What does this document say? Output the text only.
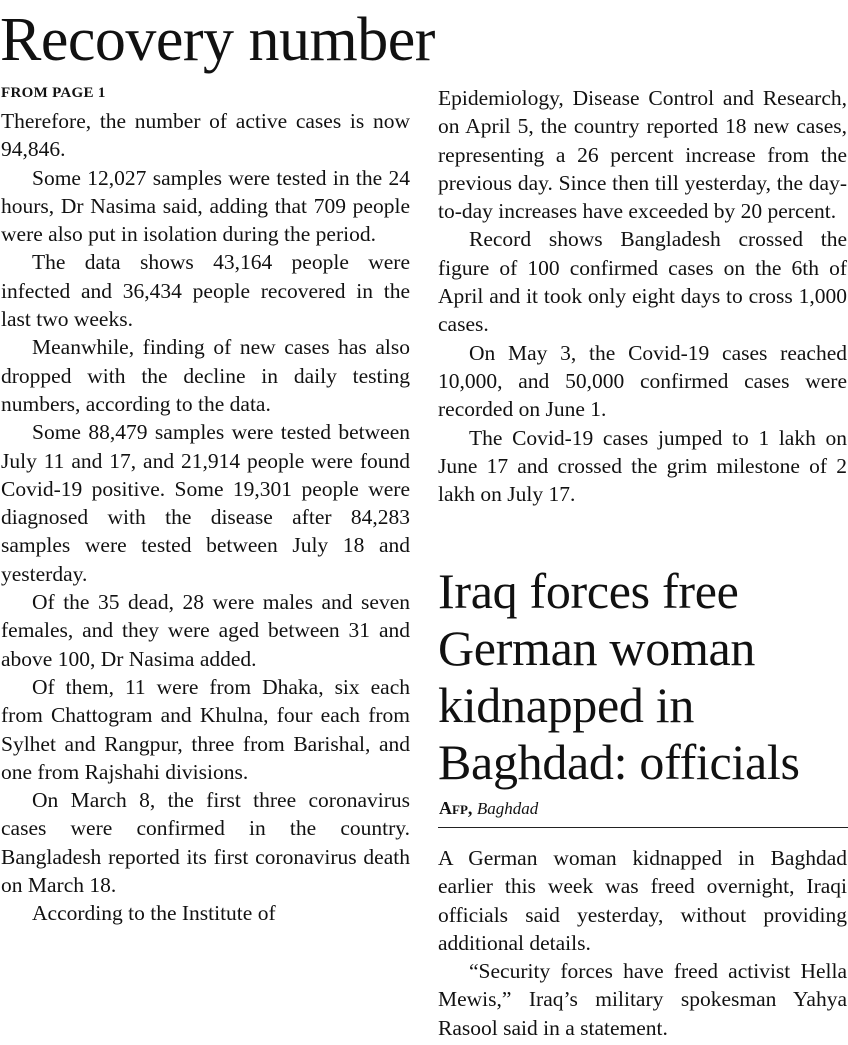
Recovery number
FROM PAGE 1

Therefore, the number of active cases is now 94,846.

Some 12,027 samples were tested in the 24 hours, Dr Nasima said, adding that 709 people were also put in isolation during the period.

The data shows 43,164 people were infected and 36,434 people recovered in the last two weeks.

Meanwhile, finding of new cases has also dropped with the decline in daily testing numbers, according to the data.

Some 88,479 samples were tested between July 11 and 17, and 21,914 people were found Covid-19 positive. Some 19,301 people were diagnosed with the disease after 84,283 samples were tested between July 18 and yesterday.

Of the 35 dead, 28 were males and seven females, and they were aged between 31 and above 100, Dr Nasima added.

Of them, 11 were from Dhaka, six each from Chattogram and Khulna, four each from Sylhet and Rangpur, three from Barishal, and one from Rajshahi divisions.

On March 8, the first three coronavirus cases were confirmed in the country. Bangladesh reported its first coronavirus death on March 18.

According to the Institute of

Epidemiology, Disease Control and Research, on April 5, the country reported 18 new cases, representing a 26 percent increase from the previous day. Since then till yesterday, the day-to-day increases have exceeded by 20 percent.

Record shows Bangladesh crossed the figure of 100 confirmed cases on the 6th of April and it took only eight days to cross 1,000 cases.

On May 3, the Covid-19 cases reached 10,000, and 50,000 confirmed cases were recorded on June 1.

The Covid-19 cases jumped to 1 lakh on June 17 and crossed the grim milestone of 2 lakh on July 17.

Iraq forces free
German woman
kidnapped in
Baghdad: officials
Afp, Baghdad

A German woman kidnapped in Baghdad earlier this week was freed overnight, Iraqi officials said yesterday, without providing additional details.

“Security forces have freed activist Hella Mewis,” Iraq’s military spokesman Yahya Rasool said in a statement.
